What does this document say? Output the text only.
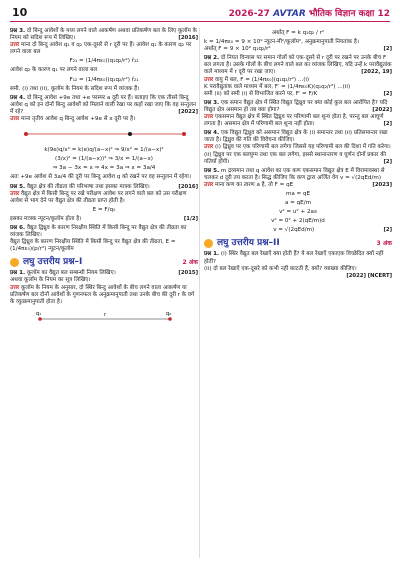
10	2026-27 AVTAR भौतिक विज्ञान कक्षा 12
प्रश्न 3. दो बिन्दु आवेशों के मध्य लगने वाले आकर्षण अथवा प्रतिकर्षण बल के लिए कूलॉम के नियम को सदिश रूप में लिखिए।	[2016]
उत्तर माना दो बिन्दु आवेश q₁ व q₂ एक-दूसरे से r दूरी पर हैं। आवेश q₁ के कारण q₂ पर लगने वाला बल
F₂₁ = (1/4πε₀)(q₁q₂/r²) r̂₁₂
आवेश q₂ के कारण q₁ पर लगने वाला बल
F₁₂ = (1/4πε₀)(q₁q₂/r²) r̂₂₁
समी. (i) तथा (ii), कूलॉम के नियम के सदिश रूप में व्यंजक हैं।
प्रश्न 4. दो बिन्दु आवेश +9e तथा +e परस्पर a दूरी पर हैं। बताइए कि एक तीसरे बिन्दु आवेश q को इन दोनों बिन्दु आवेशों को मिलाने वाली रेखा पर कहाँ रखा जाए कि वह सन्तुलन में रहे?	[2022]
उत्तर माना तृतीय आवेश q बिन्दु आवेश +9e से x दूरी पर है।
k(9e)q/x² = k(e)q/(a−x)² ⇒ 9/x² = 1/(a−x)²
(3/x)² = (1/(a−x))² ⇒ 3/x = 1/(a−x)
⇒ 3a − 3x = x ⇒ 4x = 3a ⇒ x = 3a/4
अतः +9e आवेश से 3a/4 की दूरी पर बिन्दु आवेश q को रखने पर वह सन्तुलन में रहेगा।
प्रश्न 5. वैद्युत क्षेत्र की तीव्रता की परिभाषा तथा इसका मात्रक लिखिए।	[2016]
उत्तर वैद्युत क्षेत्र में किसी बिन्दु पर रखे परीक्षण आवेश पर लगने वाले बल को उस परीक्षण आवेश से भाग देने पर वैद्युत क्षेत्र की तीव्रता प्राप्त होती है।
E = F/q₀
इसका मात्रक न्यूटन/कूलॉम होता है।	[1/2]
प्रश्न 6. वैद्युत द्विध्रुव के कारण निरक्षीय स्थिति में किसी बिन्दु पर वैद्युत क्षेत्र की तीव्रता का व्यंजक लिखिए।
वैद्युत द्विध्रुव के कारण निरक्षीय स्थिति में किसी बिन्दु पर वैद्युत क्षेत्र की तीव्रता, E = (1/4πε₀)(p/r³) न्यूटन/कूलॉम
लघु उत्तरीय प्रश्न–I	2 अंक
प्रश्न 1. कूलॉम का वैद्युत बल सम्बन्धी नियम लिखिए।	[2015]
अथवा कूलॉम के नियम का सूत्र लिखिए।
उत्तर कूलॉम के नियम के अनुसार, दो स्थिर बिन्दु आवेशों के बीच लगने वाला आकर्षण या प्रतिकर्षण बल दोनों आवेशों के गुणनफल के अनुक्रमानुपाती तथा उनके बीच की दूरी r के वर्ग के व्युत्क्रमानुपाती होता है।
q₁	q₂
r
अर्थात् F = k q₁q₂ / r²
k = 1/4πε₀ = 9 × 10⁹ न्यूटन-मी²/कूलॉम², अनुक्रमानुपाती नियतांक है।
अर्थात् F = 9 × 10⁹ q₁q₂/r²	[2]
प्रश्न 2. दो नियत विन्यास पर समान गोलों को एक-दूसरे से r दूरी पर रखने पर उनके बीच F बल लगता है। उसके गोलों के बीच लगने वाले बल का व्यंजक लिखिए, यदि उन्हें k परावैद्युतांक वाले माध्यम में r दूरी पर रखा जाए।	[2022, 19]
उत्तर वायु में बल, F = (1/4πε₀)(q₁q₂/r²) ...(i)
K परावैद्युतांक वाले माध्यम में बल, F′ = (1/4πε₀K)(q₁q₂/r²) ...(ii)
समी (ii) को समी (i) से विभाजित करने पर, F′ = F/K	[2]
प्रश्न 3. एक समान वैद्युत क्षेत्र में स्थित विद्युत द्विध्रुव पर क्या कोई कुल बल आरोपित है? यदि विद्युत क्षेत्र असमान हो तब क्या होगा?	[2022]
उत्तर एकसमान वैद्युत क्षेत्र में स्थित द्विध्रुव पर परिणामी बल शून्य होता है, परन्तु बल आघूर्ण लगता है। असमान क्षेत्र में परिणामी बल शून्य नहीं होता।	[2]
प्रश्न 4. एक विद्युत द्विध्रुव को असमान विद्युत क्षेत्र के (i) समान्तर तथा (ii) प्रतिसमान्तर रखा जाता है। द्विध्रुव की गति की विवेचना कीजिए।
उत्तर (i) द्विध्रुव पर एक परिणामी बल लगेगा जिससे यह परिणामी बल की दिशा में गति करेगा।
(ii) द्विध्रुव पर एक बलयुग्म तथा एक बल लगेगा, इससे स्थानान्तरण व घूर्णन दोनों प्रकार की गतियाँ होंगी।	[2]
प्रश्न 5. m द्रव्यमान तथा q आवेश का एक कण एकसमान विद्युत क्षेत्र E में विरामावस्था से चलकर d दूरी तय करता है। सिद्ध कीजिए कि कण द्वारा अर्जित वेग v = √(2qEd/m)
[2023]
उत्तर माना कण का त्वरण a है, तो F = qE
ma = qE
a = qE/m
v² = u² + 2as
v² = 0² + 2(qE/m)d
v = √(2qEd/m)	[2]
लघु उत्तरीय प्रश्न–II	3 अंक
प्रश्न 1. (i) स्थिर वैद्युत बल रेखाएँ क्या होती हैं? ये बल रेखाएँ एकाएक विच्छेदित क्यों नहीं होतीं?
(ii) दो बल रेखाएँ एक-दूसरे को कभी नहीं काटती हैं, क्यों? व्याख्या कीजिए।
[2022] [NCERT]
